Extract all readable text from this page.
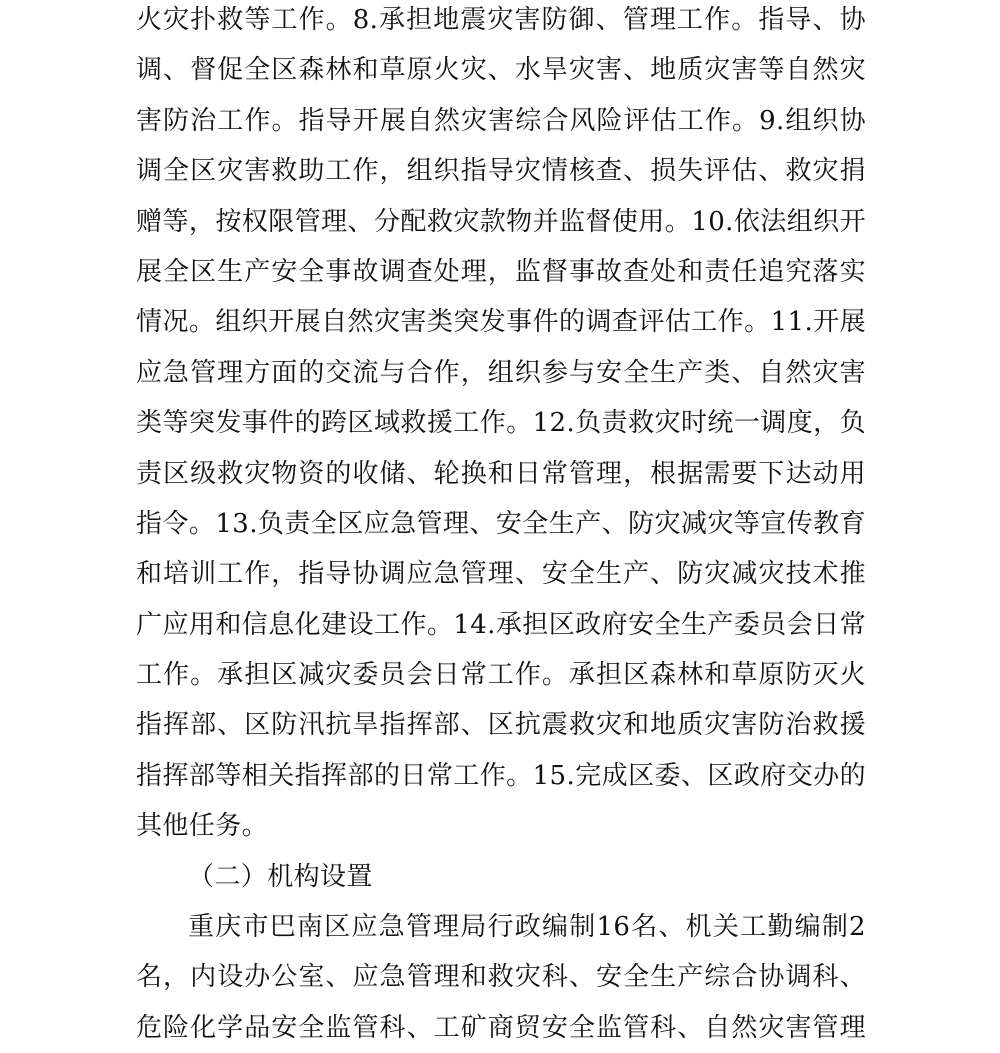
火灾扑救等工作。8.承担地震灾害防御、管理工作。指导、协
调、督促全区森林和草原火灾、水旱灾害、地质灾害等自然灾
害防治工作。指导开展自然灾害综合风险评估工作。9.组织协
调全区灾害救助工作，组织指导灾情核查、损失评估、救灾捐
赠等，按权限管理、分配救灾款物并监督使用。10.依法组织开
展全区生产安全事故调查处理，监督事故查处和责任追究落实
情况。组织开展自然灾害类突发事件的调查评估工作。11.开展
应急管理方面的交流与合作，组织参与安全生产类、自然灾害
类等突发事件的跨区域救援工作。12.负责救灾时统一调度，负
责区级救灾物资的收储、轮换和日常管理，根据需要下达动用
指令。13.负责全区应急管理、安全生产、防灾减灾等宣传教育
和培训工作，指导协调应急管理、安全生产、防灾减灾技术推
广应用和信息化建设工作。14.承担区政府安全生产委员会日常
工作。承担区减灾委员会日常工作。承担区森林和草原防灭火
指挥部、区防汛抗旱指挥部、区抗震救灾和地质灾害防治救援
指挥部等相关指挥部的日常工作。15.完成区委、区政府交办的
其他任务。
（二）机构设置
重庆市巴南区应急管理局行政编制16名、机关工勤编制2
名，内设办公室、应急管理和救灾科、安全生产综合协调科、
危险化学品安全监管科、工矿商贸安全监管科、自然灾害管理
